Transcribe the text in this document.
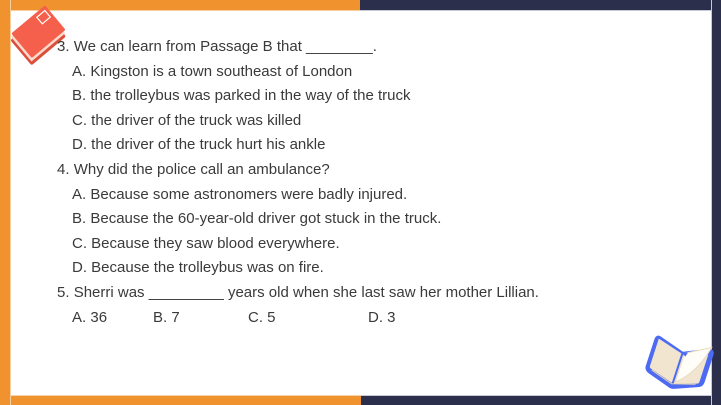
3. We can learn from Passage B that ________.
A. Kingston is a town southeast of London
B. the trolleybus was parked in the way of the truck
C. the driver of the truck was killed
D. the driver of the truck hurt his ankle
4. Why did the police call an ambulance?
A. Because some astronomers were badly injured.
B. Because the 60-year-old driver got stuck in the truck.
C. Because they saw blood everywhere.
D. Because the trolleybus was on fire.
5. Sherri was _________ years old when she last saw her mother Lillian.
A. 36	B. 7	C. 5	D. 3
